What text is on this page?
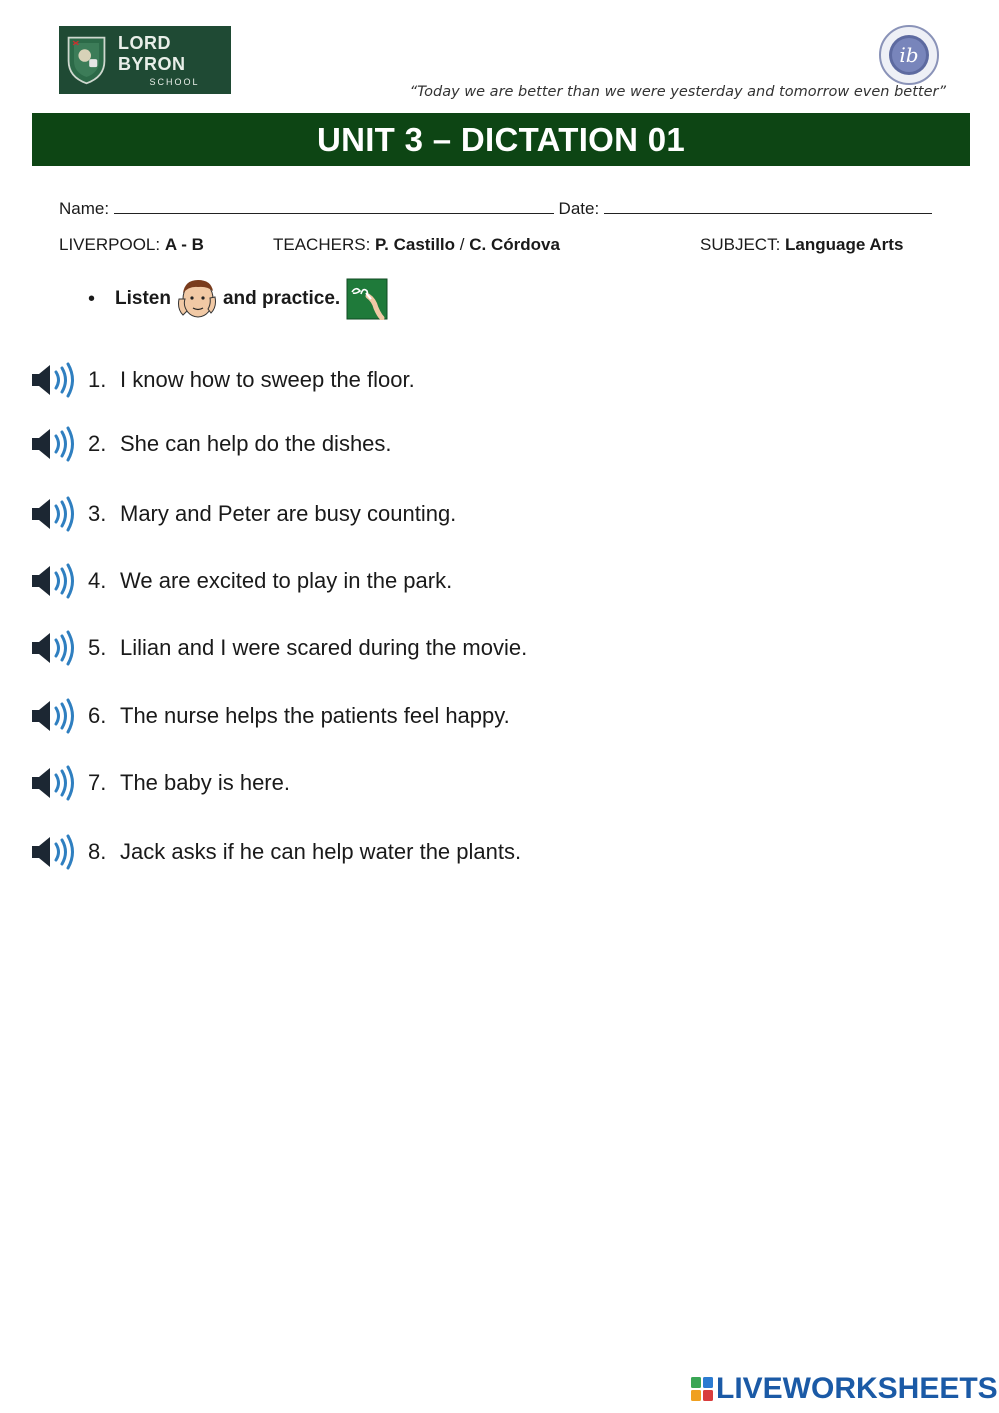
LORD BYRON
SCHOOL
ib
“Today we are better than we were yesterday and tomorrow even better”
UNIT 3 – DICTATION 01
Name:	Date:
LIVERPOOL: A - B	TEACHERS: P. Castillo / C. Córdova	SUBJECT: Language Arts
• Listen	and practice.
1. I know how to sweep the floor.
2. She can help do the dishes.
3. Mary and Peter are busy counting.
4. We are excited to play in the park.
5. Lilian and I were scared during the movie.
6. The nurse helps the patients feel happy.
7. The baby is here.
8. Jack asks if he can help water the plants.
LIVEWORKSHEETS
